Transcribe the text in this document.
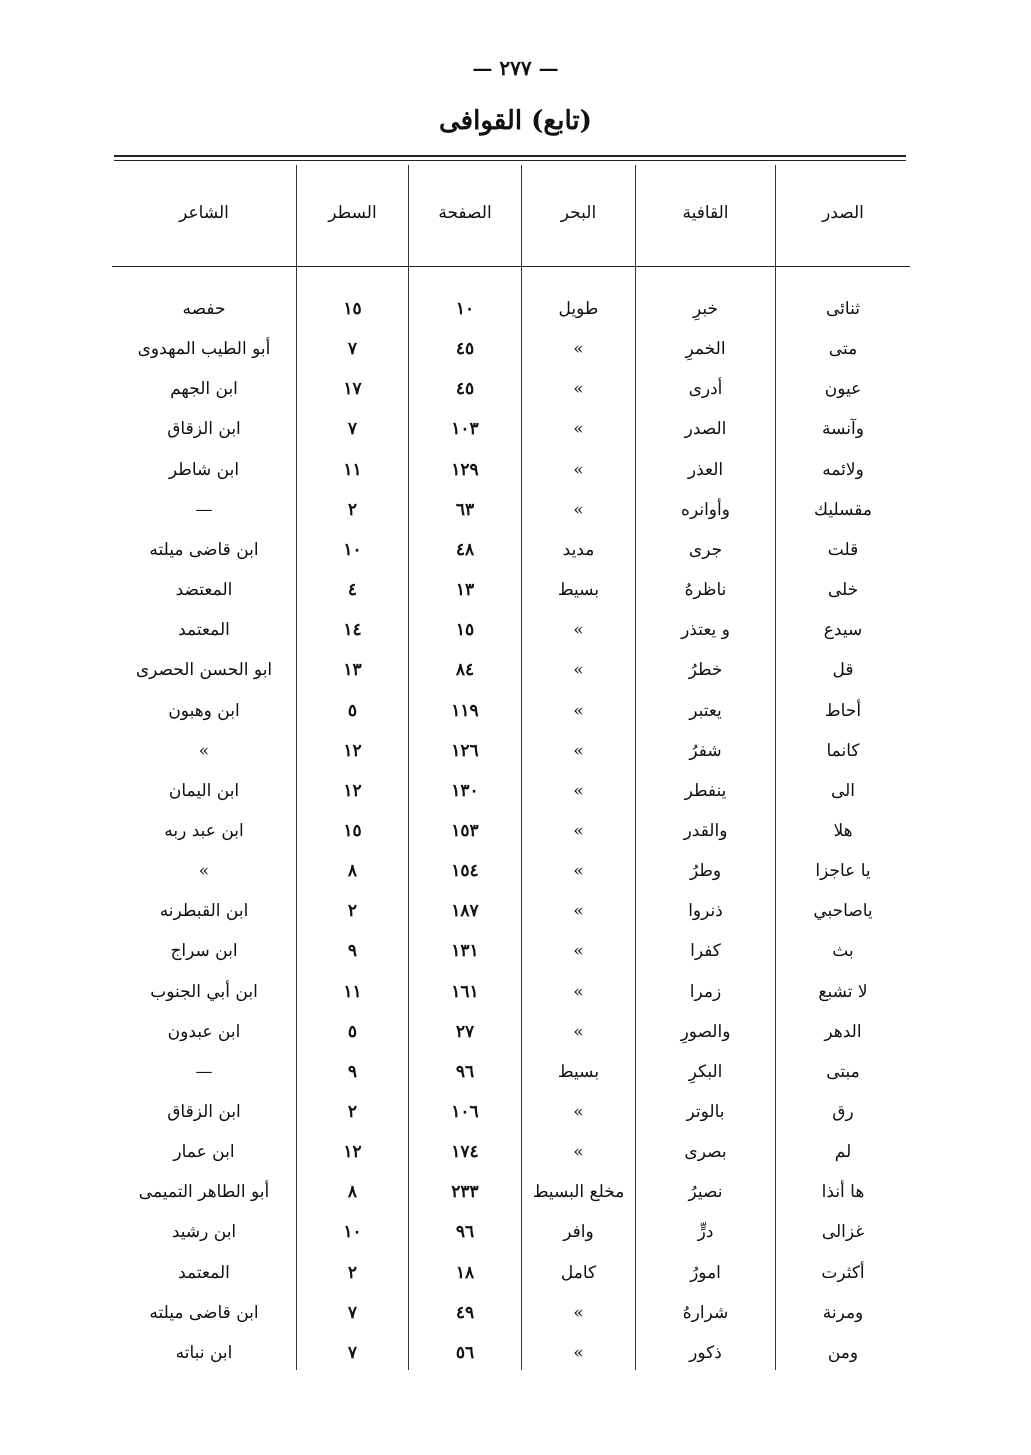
— ٢٧٧ —
(تابع) القوافى
الصدر
القافية
البحر
الصفحة
السطر
الشاعر
ثنائى
خبرِ
طويل
١٠
١٥
حفصه
متى
الخمرِ
»
٤٥
٧
أبو الطيب المهدوى
عيون
أدرى
»
٤٥
١٧
ابن الجهم
وآنسة
الصدر
»
١٠٣
٧
ابن الزقاق
ولائمه
العذر
»
١٢٩
١١
ابن شاطر
مقسليك
وأوانره
»
٦٣
٢
—
قلت
جرى
مديد
٤٨
١٠
ابن قاضى ميلته
خلى
ناظرهُ
بسيط
١٣
٤
المعتضد
سيدع
و يعتذر
»
١٥
١٤
المعتمد
قل
خطرُ
»
٨٤
١٣
ابو الحسن الحصرى
أحاط
يعتبر
»
١١٩
٥
ابن وهبون
كانما
شفرُ
»
١٢٦
١٢
»
الى
ينفطر
»
١٣٠
١٢
ابن اليمان
هلا
والقدر
»
١٥٣
١٥
ابن عبد ربه
يا عاجزا
وطرُ
»
١٥٤
٨
»
ياصاحبي
ذنروا
»
١٨٧
٢
ابن القبطرنه
بث
كفرا
»
١٣١
٩
ابن سراج
لا تشبع
زمرا
»
١٦١
١١
ابن أبي الجنوب
الدهر
والصورِ
»
٢٧
٥
ابن عبدون
مبتى
البكرِ
بسيط
٩٦
٩
—
رق
بالوتر
»
١٠٦
٢
ابن الزقاق
لم
بصرى
»
١٧٤
١٢
ابن عمار
ها أنذا
نصيرُ
مخلع البسيط
٢٣٣
٨
أبو الطاهر التميمى
غزالى
درٍّ
وافر
٩٦
١٠
ابن رشيد
أكثرت
امورُ
كامل
١٨
٢
المعتمد
ومرنة
شرارهُ
»
٤٩
٧
ابن قاضى ميلته
ومن
ذكور
»
٥٦
٧
ابن نباته
